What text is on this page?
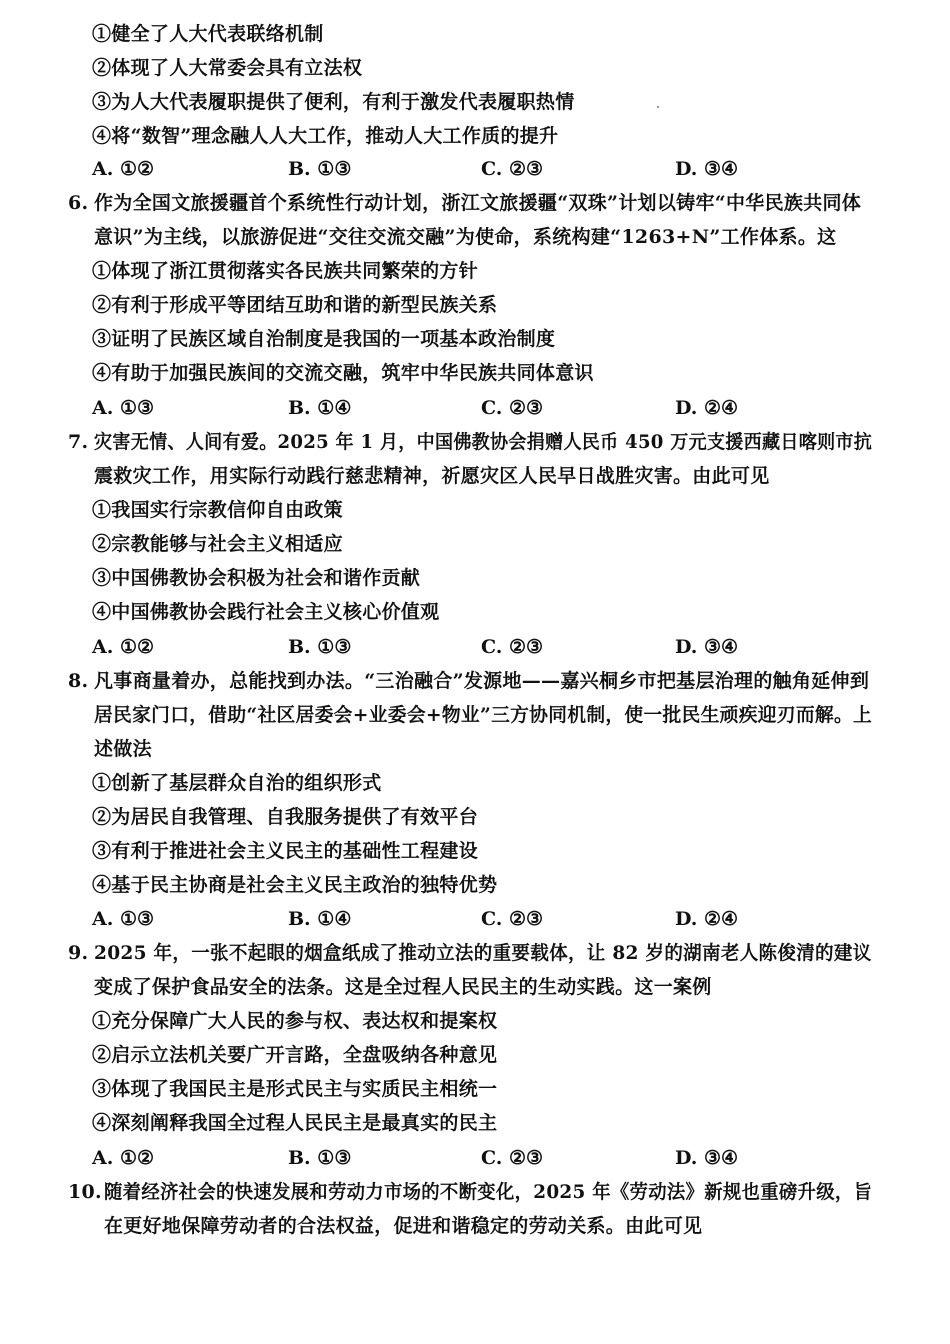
①健全了人大代表联络机制
②体现了人大常委会具有立法权
③为人大代表履职提供了便利，有利于激发代表履职热情
④将“数智”理念融人人大工作，推动人大工作质的提升
A. ①②	B. ①③	C. ②③	D. ③④
6. 作为全国文旅援疆首个系统性行动计划，浙江文旅援疆“双珠”计划以铸牢“中华民族共同体
意识”为主线，以旅游促进“交往交流交融”为使命，系统构建“1263+N”工作体系。这
①体现了浙江贯彻落实各民族共同繁荣的方针
②有利于形成平等团结互助和谐的新型民族关系
③证明了民族区域自治制度是我国的一项基本政治制度
④有助于加强民族间的交流交融，筑牢中华民族共同体意识
A. ①③	B. ①④	C. ②③	D. ②④
7. 灾害无情、人间有爱。2025 年 1 月，中国佛教协会捐赠人民币 450 万元支援西藏日喀则市抗
震救灾工作，用实际行动践行慈悲精神，祈愿灾区人民早日战胜灾害。由此可见
①我国实行宗教信仰自由政策
②宗教能够与社会主义相适应
③中国佛教协会积极为社会和谐作贡献
④中国佛教协会践行社会主义核心价值观
A. ①②	B. ①③	C. ②③	D. ③④
8. 凡事商量着办，总能找到办法。“三治融合”发源地——嘉兴桐乡市把基层治理的触角延伸到
居民家门口，借助“社区居委会+业委会+物业”三方协同机制，使一批民生顽疾迎刃而解。上
述做法
①创新了基层群众自治的组织形式
②为居民自我管理、自我服务提供了有效平台
③有利于推进社会主义民主的基础性工程建设
④基于民主协商是社会主义民主政治的独特优势
A. ①③	B. ①④	C. ②③	D. ②④
9. 2025 年，一张不起眼的烟盒纸成了推动立法的重要载体，让 82 岁的湖南老人陈俊清的建议
变成了保护食品安全的法条。这是全过程人民民主的生动实践。这一案例
①充分保障广大人民的参与权、表达权和提案权
②启示立法机关要广开言路，全盘吸纳各种意见
③体现了我国民主是形式民主与实质民主相统一
④深刻阐释我国全过程人民民主是最真实的民主
A. ①②	B. ①③	C. ②③	D. ③④
10. 随着经济社会的快速发展和劳动力市场的不断变化，2025 年《劳动法》新规也重磅升级，旨
在更好地保障劳动者的合法权益，促进和谐稳定的劳动关系。由此可见
